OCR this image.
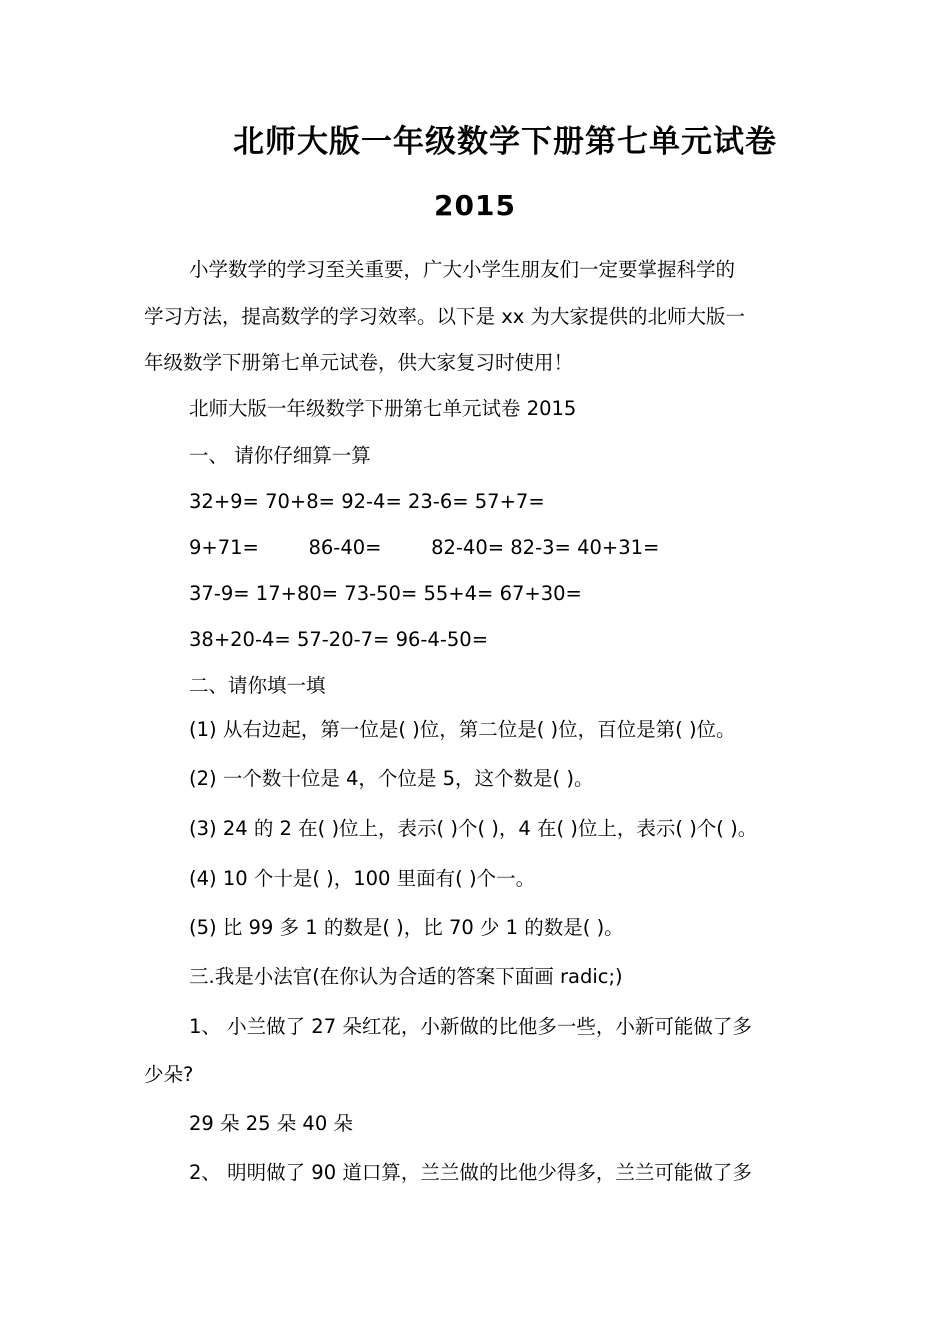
北师大版一年级数学下册第七单元试卷
2015
小学数学的学习至关重要，广大小学生朋友们一定要掌握科学的
学习方法，提高数学的学习效率。以下是 xx 为大家提供的北师大版一
年级数学下册第七单元试卷，供大家复习时使用！
北师大版一年级数学下册第七单元试卷 2015
一、 请你仔细算一算
32+9= 70+8= 92-4= 23-6= 57+7=
9+71=        86-40=        82-40= 82-3= 40+31=
37-9= 17+80= 73-50= 55+4= 67+30=
38+20-4= 57-20-7= 96-4-50=
二、请你填一填
(1) 从右边起，第一位是( )位，第二位是( )位，百位是第( )位。
(2) 一个数十位是 4，个位是 5，这个数是( )。
(3) 24 的 2 在( )位上，表示( )个( )，4 在( )位上，表示( )个( )。
(4) 10 个十是( )，100 里面有( )个一。
(5) 比 99 多 1 的数是( )，比 70 少 1 的数是( )。
三.我是小法官(在你认为合适的答案下面画 radic;)
1、 小兰做了 27 朵红花，小新做的比他多一些，小新可能做了多
少朵?
29 朵 25 朵 40 朵
2、 明明做了 90 道口算，兰兰做的比他少得多，兰兰可能做了多
